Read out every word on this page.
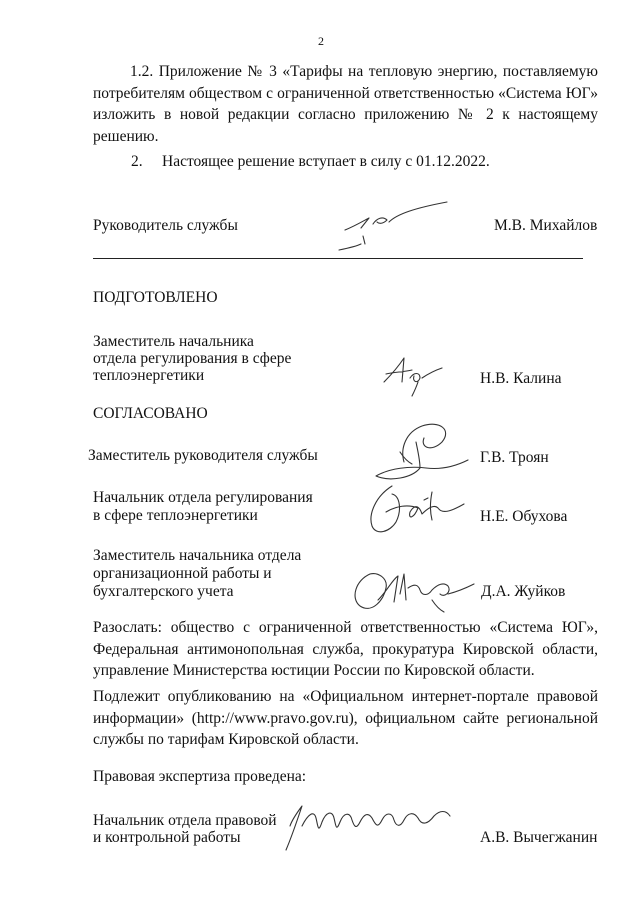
2
1.2. Приложение № 3 «Тарифы на тепловую энергию, поставляемую потребителям обществом с ограниченной ответственностью «Система ЮГ» изложить в новой редакции согласно приложению № 2 к настоящему решению.
2. Настоящее решение вступает в силу с 01.12.2022.
Руководитель службы	М.В. Михайлов
ПОДГОТОВЛЕНО
Заместитель начальника
отдела регулирования в сфере
теплоэнергетики	Н.В. Калина
СОГЛАСОВАНО
Заместитель руководителя службы	Г.В. Троян
Начальник отдела регулирования
в сфере теплоэнергетики	Н.Е. Обухова
Заместитель начальника отдела
организационной работы и
бухгалтерского учета	Д.А. Жуйков
Разослать: общество с ограниченной ответственностью «Система ЮГ», Федеральная антимонопольная служба, прокуратура Кировской области, управление Министерства юстиции России по Кировской области.
Подлежит опубликованию на «Официальном интернет-портале правовой информации» (http://www.pravo.gov.ru), официальном сайте региональной службы по тарифам Кировской области.
Правовая экспертиза проведена:
Начальник отдела правовой
и контрольной работы	А.В. Вычегжанин
